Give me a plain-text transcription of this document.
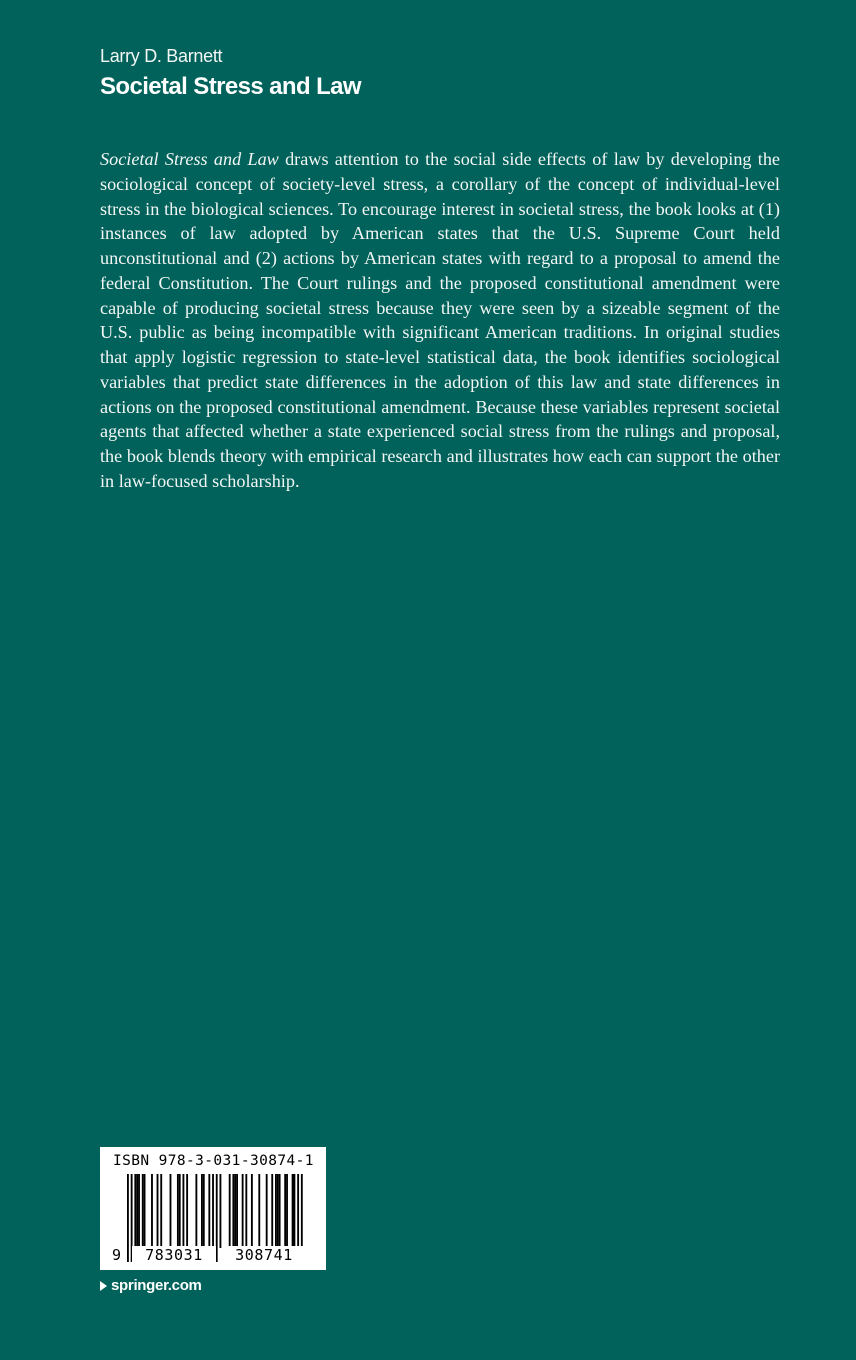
Larry D. Barnett
Societal Stress and Law

Societal Stress and Law draws attention to the social side effects of law by developing the sociological concept of society-level stress, a corollary of the concept of individual-level stress in the biological sciences. To encourage interest in societal stress, the book looks at (1) instances of law adopted by American states that the U.S. Supreme Court held unconstitutional and (2) actions by American states with regard to a proposal to amend the federal Constitution. The Court rulings and the proposed constitutional amendment were capable of producing societal stress because they were seen by a sizeable segment of the U.S. public as being incompatible with significant American traditions. In original studies that apply logistic regression to state-level statistical data, the book identifies sociological variables that predict state differences in the adoption of this law and state differences in actions on the proposed constitutional amendment. Because these variables represent societal agents that affected whether a state experienced social stress from the rulings and proposal, the book blends theory with empirical research and illustrates how each can support the other in law-focused scholarship.

ISBN 978-3-031-30874-1
9	783031	308741
springer.com
